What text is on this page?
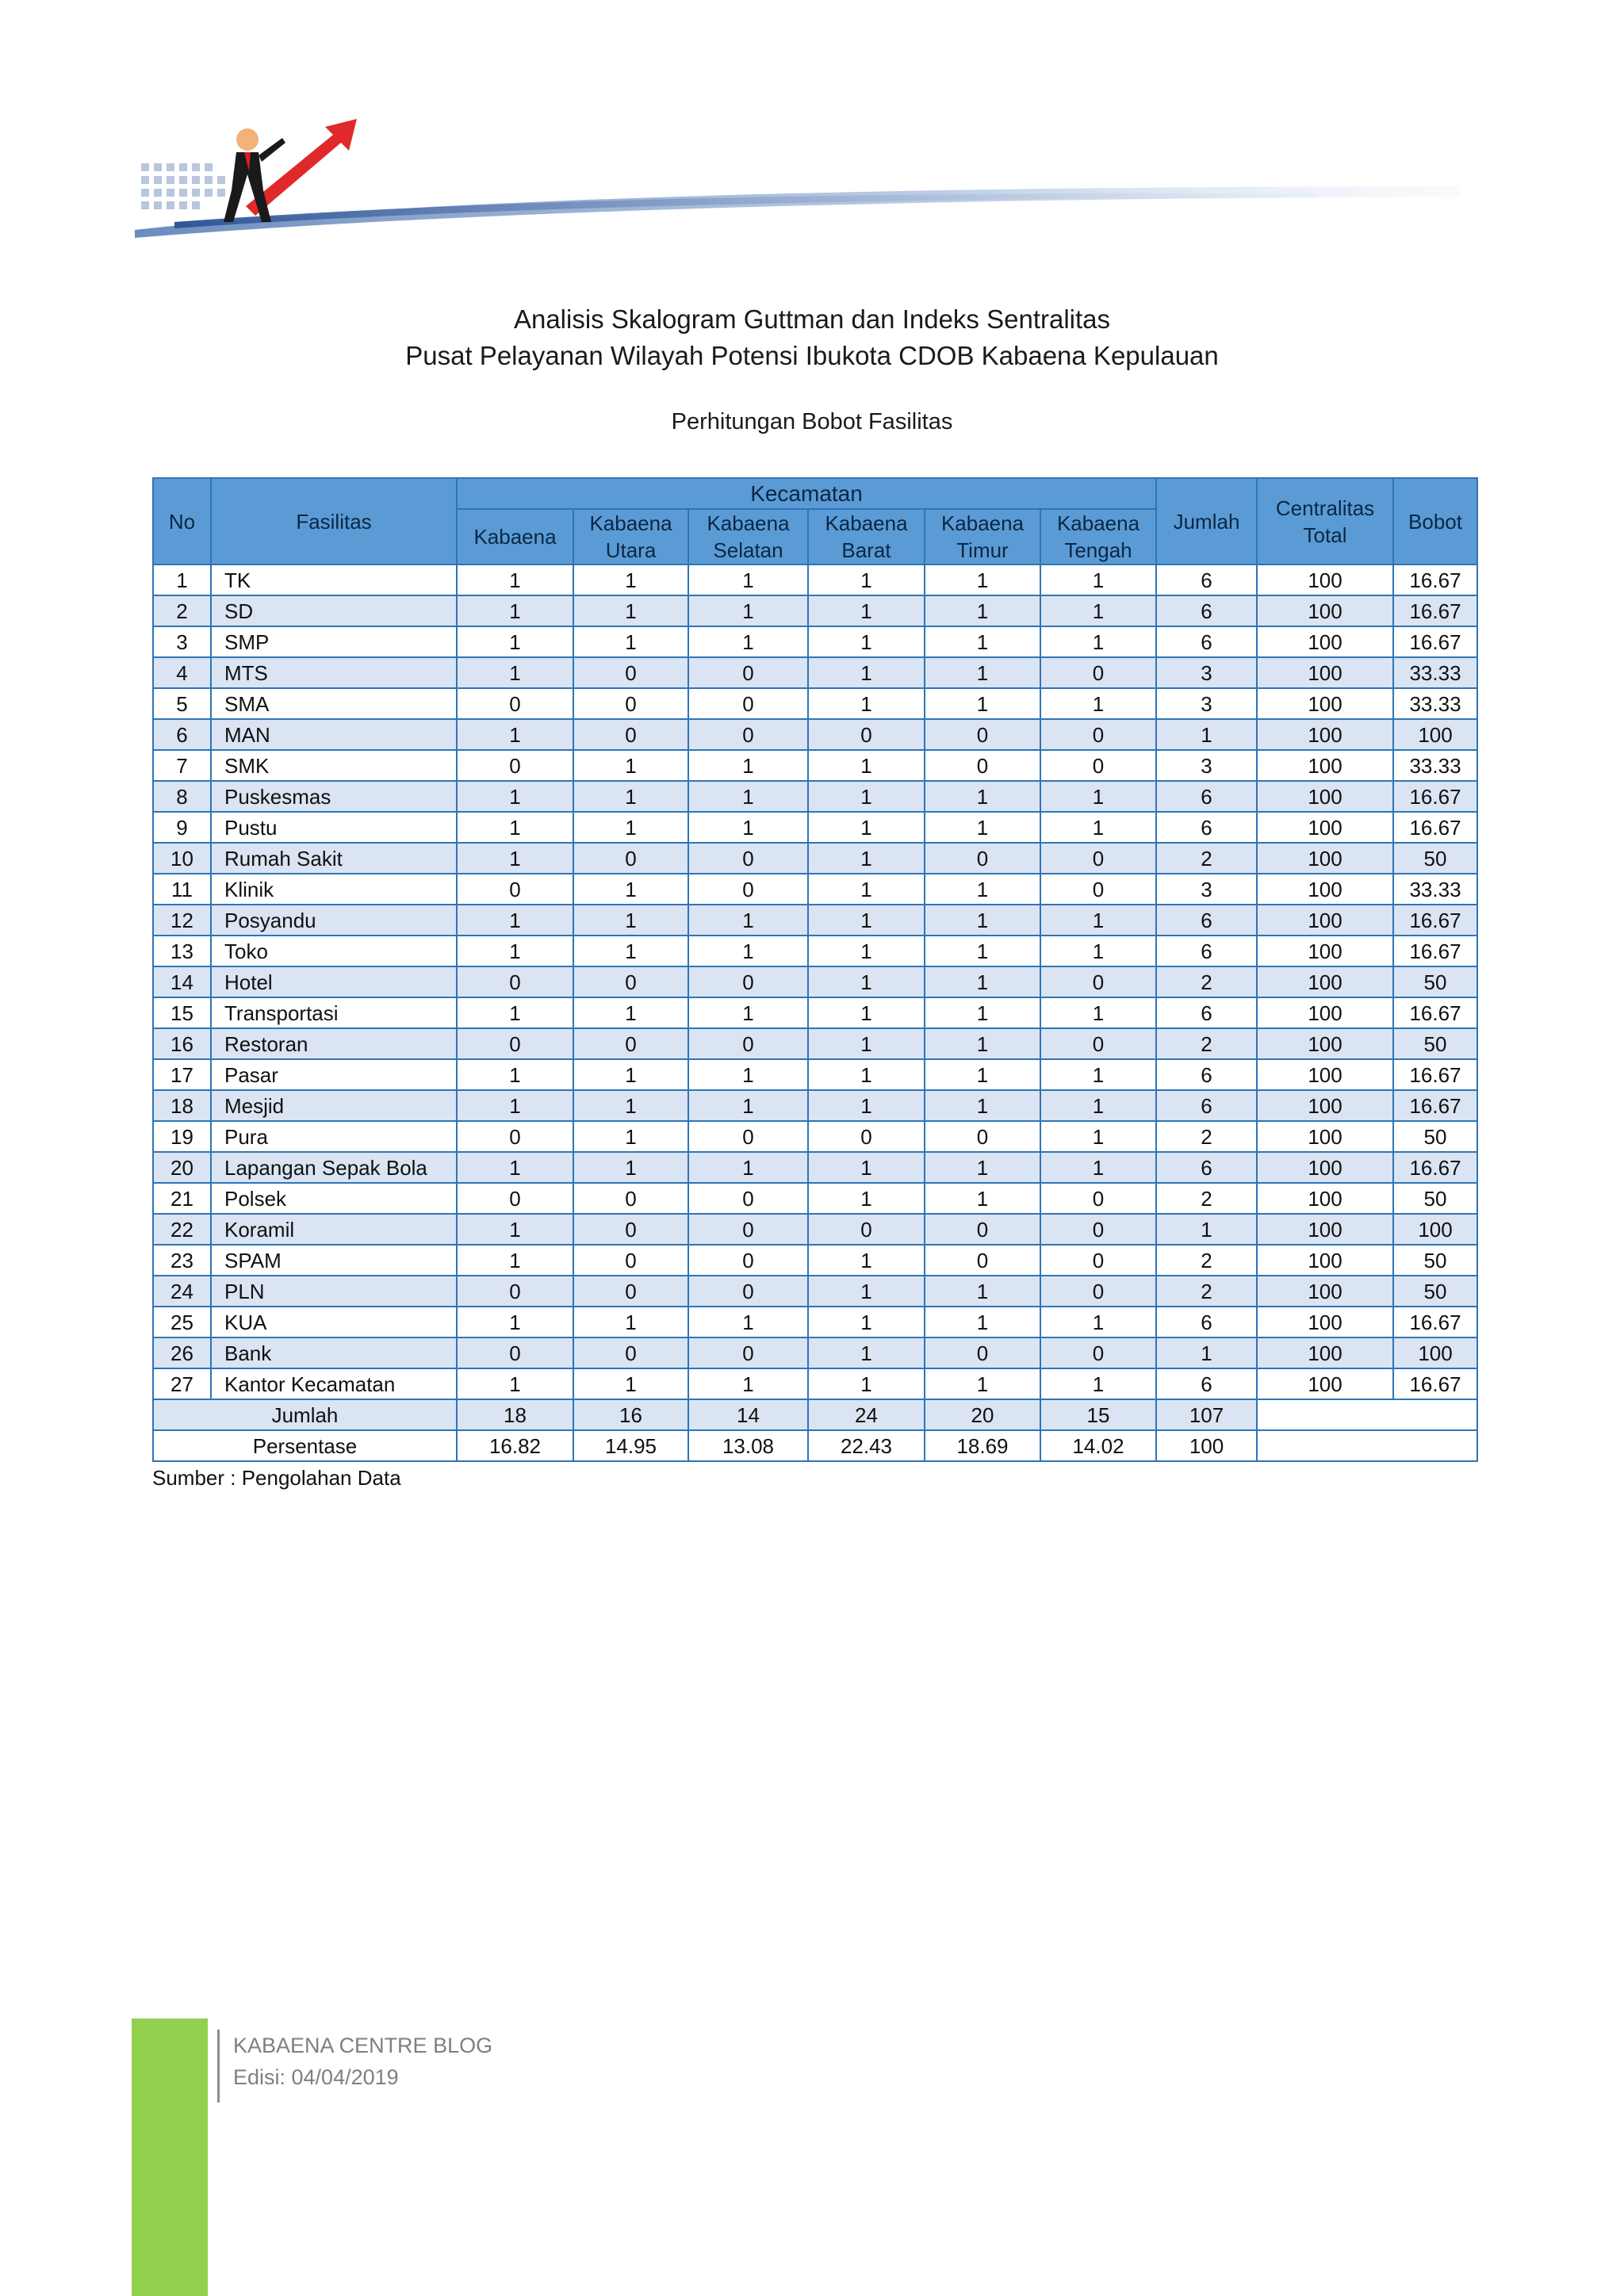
Analisis Skalogram Guttman dan Indeks Sentralitas
Pusat Pelayanan Wilayah Potensi Ibukota CDOB Kabaena Kepulauan
Perhitungan Bobot Fasilitas
No	Fasilitas	Kecamatan						Jumlah	Centralitas Total	Bobot
		Kabaena	Kabaena Utara	Kabaena Selatan	Kabaena Barat	Kabaena Timur	Kabaena Tengah			
1	TK	1	1	1	1	1	1	6	100	16.67
2	SD	1	1	1	1	1	1	6	100	16.67
3	SMP	1	1	1	1	1	1	6	100	16.67
4	MTS	1	0	0	1	1	0	3	100	33.33
5	SMA	0	0	0	1	1	1	3	100	33.33
6	MAN	1	0	0	0	0	0	1	100	100
7	SMK	0	1	1	1	0	0	3	100	33.33
8	Puskesmas	1	1	1	1	1	1	6	100	16.67
9	Pustu	1	1	1	1	1	1	6	100	16.67
10	Rumah Sakit	1	0	0	1	0	0	2	100	50
11	Klinik	0	1	0	1	1	0	3	100	33.33
12	Posyandu	1	1	1	1	1	1	6	100	16.67
13	Toko	1	1	1	1	1	1	6	100	16.67
14	Hotel	0	0	0	1	1	0	2	100	50
15	Transportasi	1	1	1	1	1	1	6	100	16.67
16	Restoran	0	0	0	1	1	0	2	100	50
17	Pasar	1	1	1	1	1	1	6	100	16.67
18	Mesjid	1	1	1	1	1	1	6	100	16.67
19	Pura	0	1	0	0	0	1	2	100	50
20	Lapangan Sepak Bola	1	1	1	1	1	1	6	100	16.67
21	Polsek	0	0	0	1	1	0	2	100	50
22	Koramil	1	0	0	0	0	0	1	100	100
23	SPAM	1	0	0	1	0	0	2	100	50
24	PLN	0	0	0	1	1	0	2	100	50
25	KUA	1	1	1	1	1	1	6	100	16.67
26	Bank	0	0	0	1	0	0	1	100	100
27	Kantor Kecamatan	1	1	1	1	1	1	6	100	16.67
Jumlah		18	16	14	24	20	15	107		
Persentase		16.82	14.95	13.08	22.43	18.69	14.02	100		
Sumber : Pengolahan Data
KABAENA CENTRE BLOG
Edisi: 04/04/2019
